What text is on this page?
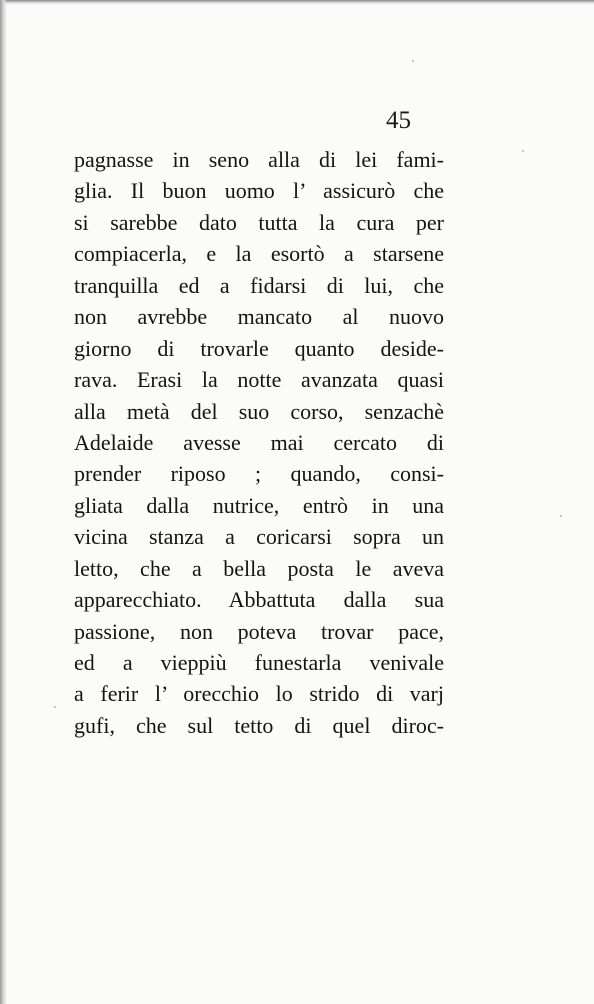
45
pagnasse in seno alla di lei fami-
glia. Il buon uomo l’ assicurò che
si sarebbe dato tutta la cura per
compiacerla, e la esortò a starsene
tranquilla ed a fidarsi di lui, che
non avrebbe mancato al nuovo
giorno di trovarle quanto deside-
rava. Erasi la notte avanzata quasi
alla metà del suo corso, senzachè
Adelaide avesse mai cercato di
prender riposo ; quando, consi-
gliata dalla nutrice, entrò in una
vicina stanza a coricarsi sopra un
letto, che a bella posta le aveva
apparecchiato. Abbattuta dalla sua
passione, non poteva trovar pace,
ed a vieppiù funestarla venivale
a ferir l’ orecchio lo strido di varj
gufi, che sul tetto di quel diroc-
